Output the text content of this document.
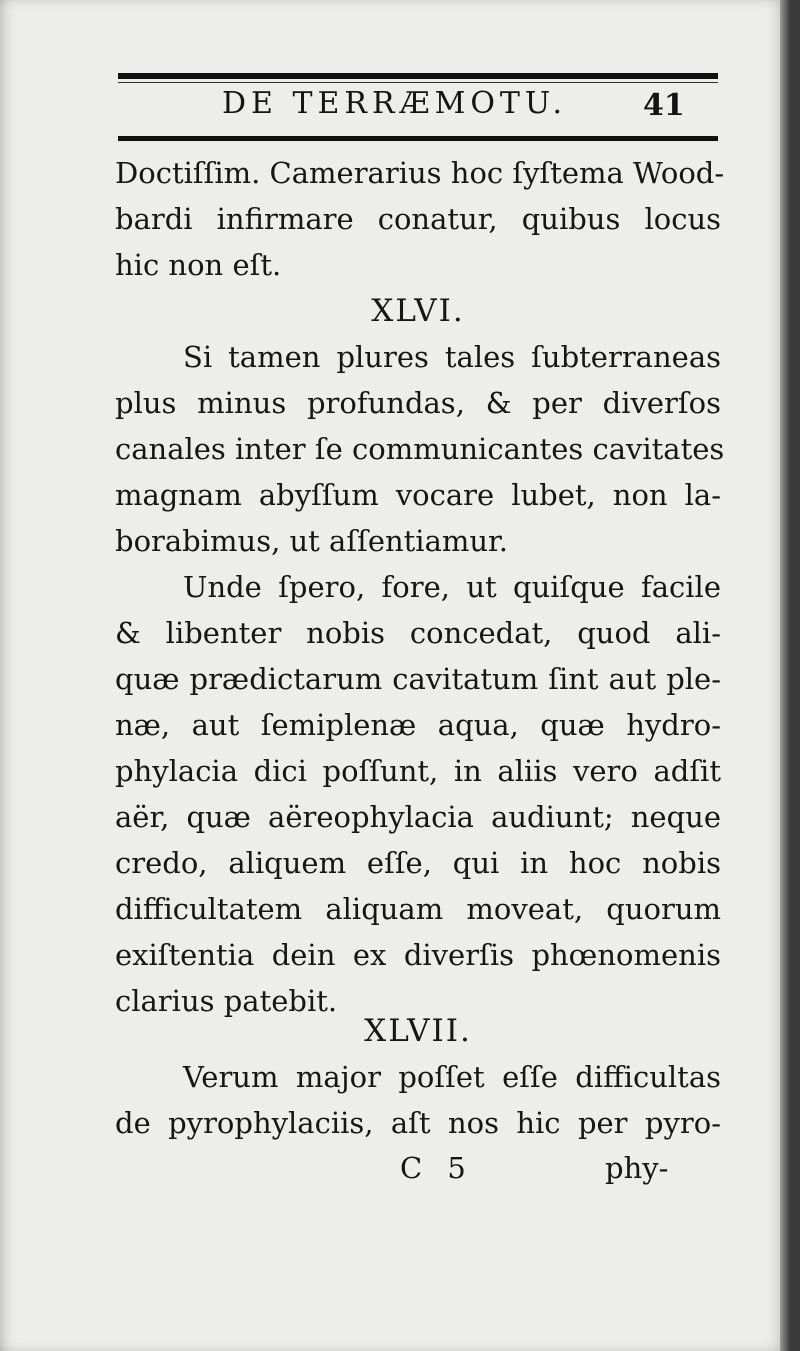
DE TERRÆMOTU.	41
Doctiſſim. Camerarius hoc ſyſtema Wood-
bardi infirmare conatur, quibus locus
hic non eſt.
XLVI.
Si tamen plures tales ſubterraneas
plus minus profundas, & per diverſos
canales inter ſe communicantes cavitates
magnam abyſſum vocare lubet, non la-
borabimus, ut aſſentiamur.
Unde ſpero, fore, ut quiſque facile
& libenter nobis concedat, quod ali-
quæ prædictarum cavitatum ſint aut ple-
næ, aut ſemiplenæ aqua, quæ hydro-
phylacia dici poſſunt, in aliis vero adſit
aër, quæ aëreophylacia audiunt; neque
credo, aliquem eſſe, qui in hoc nobis
difficultatem aliquam moveat, quorum
exiſtentia dein ex diverſis phœnomenis
clarius patebit.
XLVII.
Verum major poſſet eſſe difficultas
de pyrophylaciis, aſt nos hic per pyro-
C 5	phy-
